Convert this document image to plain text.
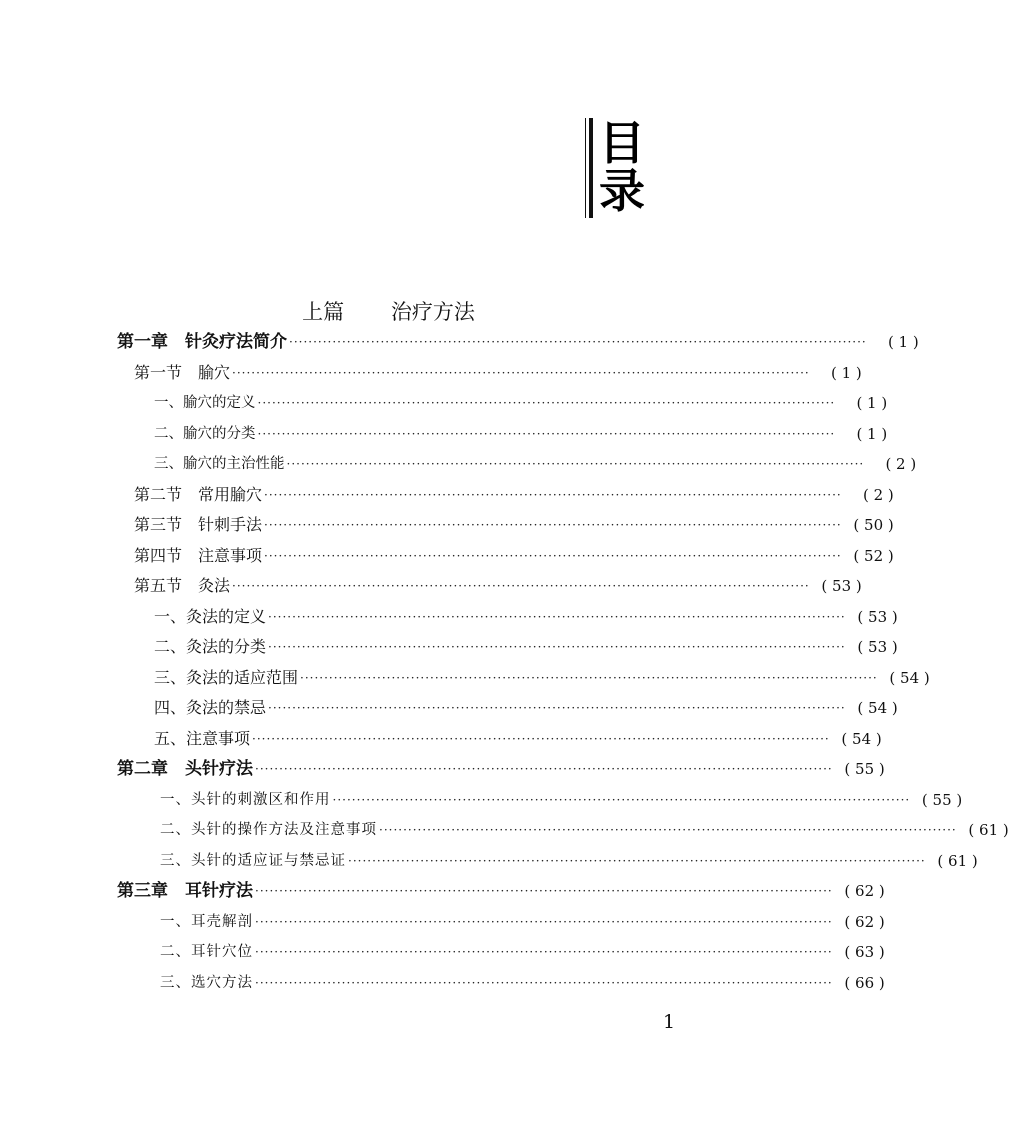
目
录
上篇 治疗方法
第一章　针灸疗法简介 ························································································································	( 1 )
第一节　腧穴 ························································································································	( 1 )
一、腧穴的定义 ························································································································	( 1 )
二、腧穴的分类 ························································································································	( 1 )
三、腧穴的主治性能 ························································································································	( 2 )
第二节　常用腧穴 ························································································································	( 2 )
第三节　针刺手法 ························································································································ ( 50 )
第四节　注意事项 ························································································································ ( 52 )
第五节　灸法 ························································································································ ( 53 )
一、灸法的定义 ························································································································ ( 53 )
二、灸法的分类 ························································································································ ( 53 )
三、灸法的适应范围 ························································································································ ( 54 )
四、灸法的禁忌 ························································································································ ( 54 )
五、注意事项 ························································································································ ( 54 )
第二章　头针疗法 ························································································································ ( 55 )
一、头针的刺激区和作用 ························································································································ ( 55 )
二、头针的操作方法及注意事项 ························································································································ ( 61 )
三、头针的适应证与禁忌证 ························································································································ ( 61 )
第三章　耳针疗法 ························································································································ ( 62 )
一、耳壳解剖 ························································································································ ( 62 )
二、耳针穴位 ························································································································ ( 63 )
三、选穴方法 ························································································································ ( 66 )
1
